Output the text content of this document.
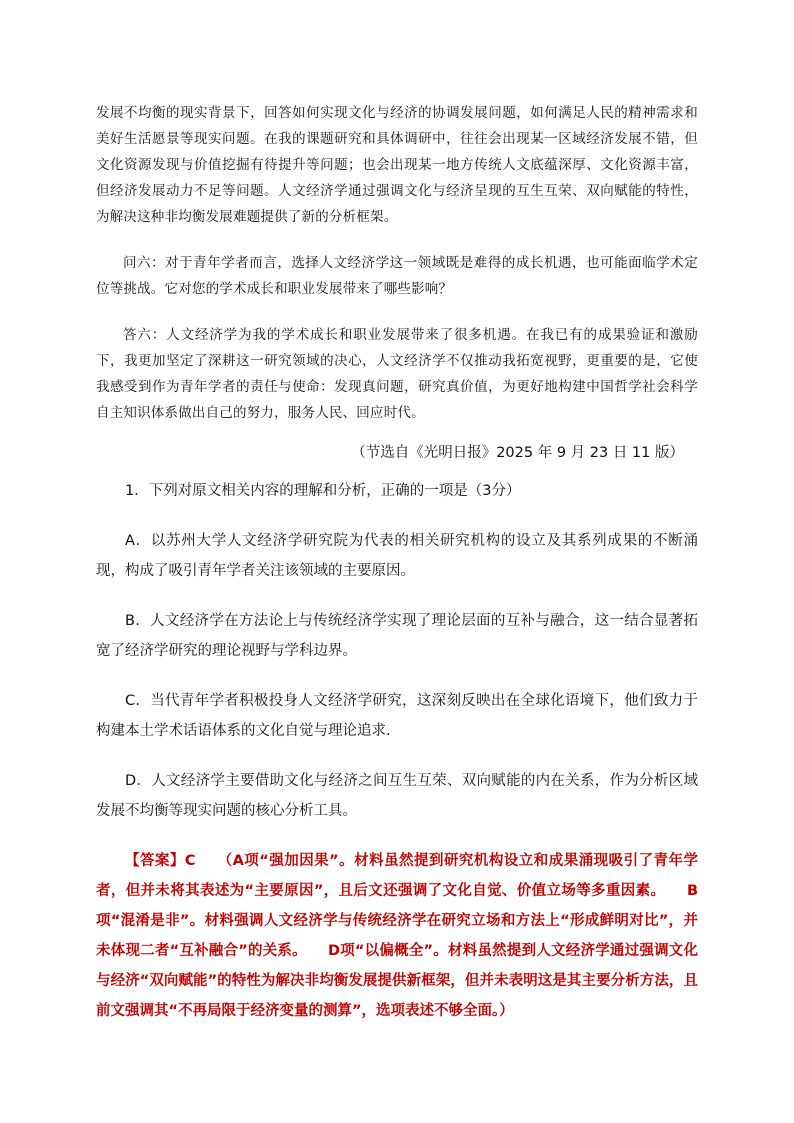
发展不均衡的现实背景下，回答如何实现文化与经济的协调发展问题，如何满足人民的精神需求和美好生活愿景等现实问题。在我的课题研究和具体调研中，往往会出现某一区域经济发展不错，但文化资源发现与价值挖掘有待提升等问题；也会出现某一地方传统人文底蕴深厚、文化资源丰富，但经济发展动力不足等问题。人文经济学通过强调文化与经济呈现的互生互荣、双向赋能的特性，为解决这种非均衡发展难题提供了新的分析框架。

问六：对于青年学者而言，选择人文经济学这一领域既是难得的成长机遇，也可能面临学术定位等挑战。它对您的学术成长和职业发展带来了哪些影响？

答六：人文经济学为我的学术成长和职业发展带来了很多机遇。在我已有的成果验证和激励下，我更加坚定了深耕这一研究领域的决心，人文经济学不仅推动我拓宽视野，更重要的是，它使我感受到作为青年学者的责任与使命：发现真问题，研究真价值，为更好地构建中国哲学社会科学自主知识体系做出自己的努力，服务人民、回应时代。

（节选自《光明日报》2025 年 9 月 23 日 11 版）

1．下列对原文相关内容的理解和分析，正确的一项是（3分）

A．以苏州大学人文经济学研究院为代表的相关研究机构的设立及其系列成果的不断涌现，构成了吸引青年学者关注该领域的主要原因。

B．人文经济学在方法论上与传统经济学实现了理论层面的互补与融合，这一结合显著拓宽了经济学研究的理论视野与学科边界。

C．当代青年学者积极投身人文经济学研究，这深刻反映出在全球化语境下，他们致力于构建本土学术话语体系的文化自觉与理论追求.

D．人文经济学主要借助文化与经济之间互生互荣、双向赋能的内在关系，作为分析区域发展不均衡等现实问题的核心分析工具。

【答案】C （A项“强加因果”。材料虽然提到研究机构设立和成果涌现吸引了青年学者，但并未将其表述为“主要原因”，且后文还强调了文化自觉、价值立场等多重因素。 B项“混淆是非”。材料强调人文经济学与传统经济学在研究立场和方法上“形成鲜明对比”，并未体现二者“互补融合”的关系。 D项“以偏概全”。材料虽然提到人文经济学通过强调文化与经济“双向赋能”的特性为解决非均衡发展提供新框架，但并未表明这是其主要分析方法，且前文强调其“不再局限于经济变量的测算”，选项表述不够全面。）
